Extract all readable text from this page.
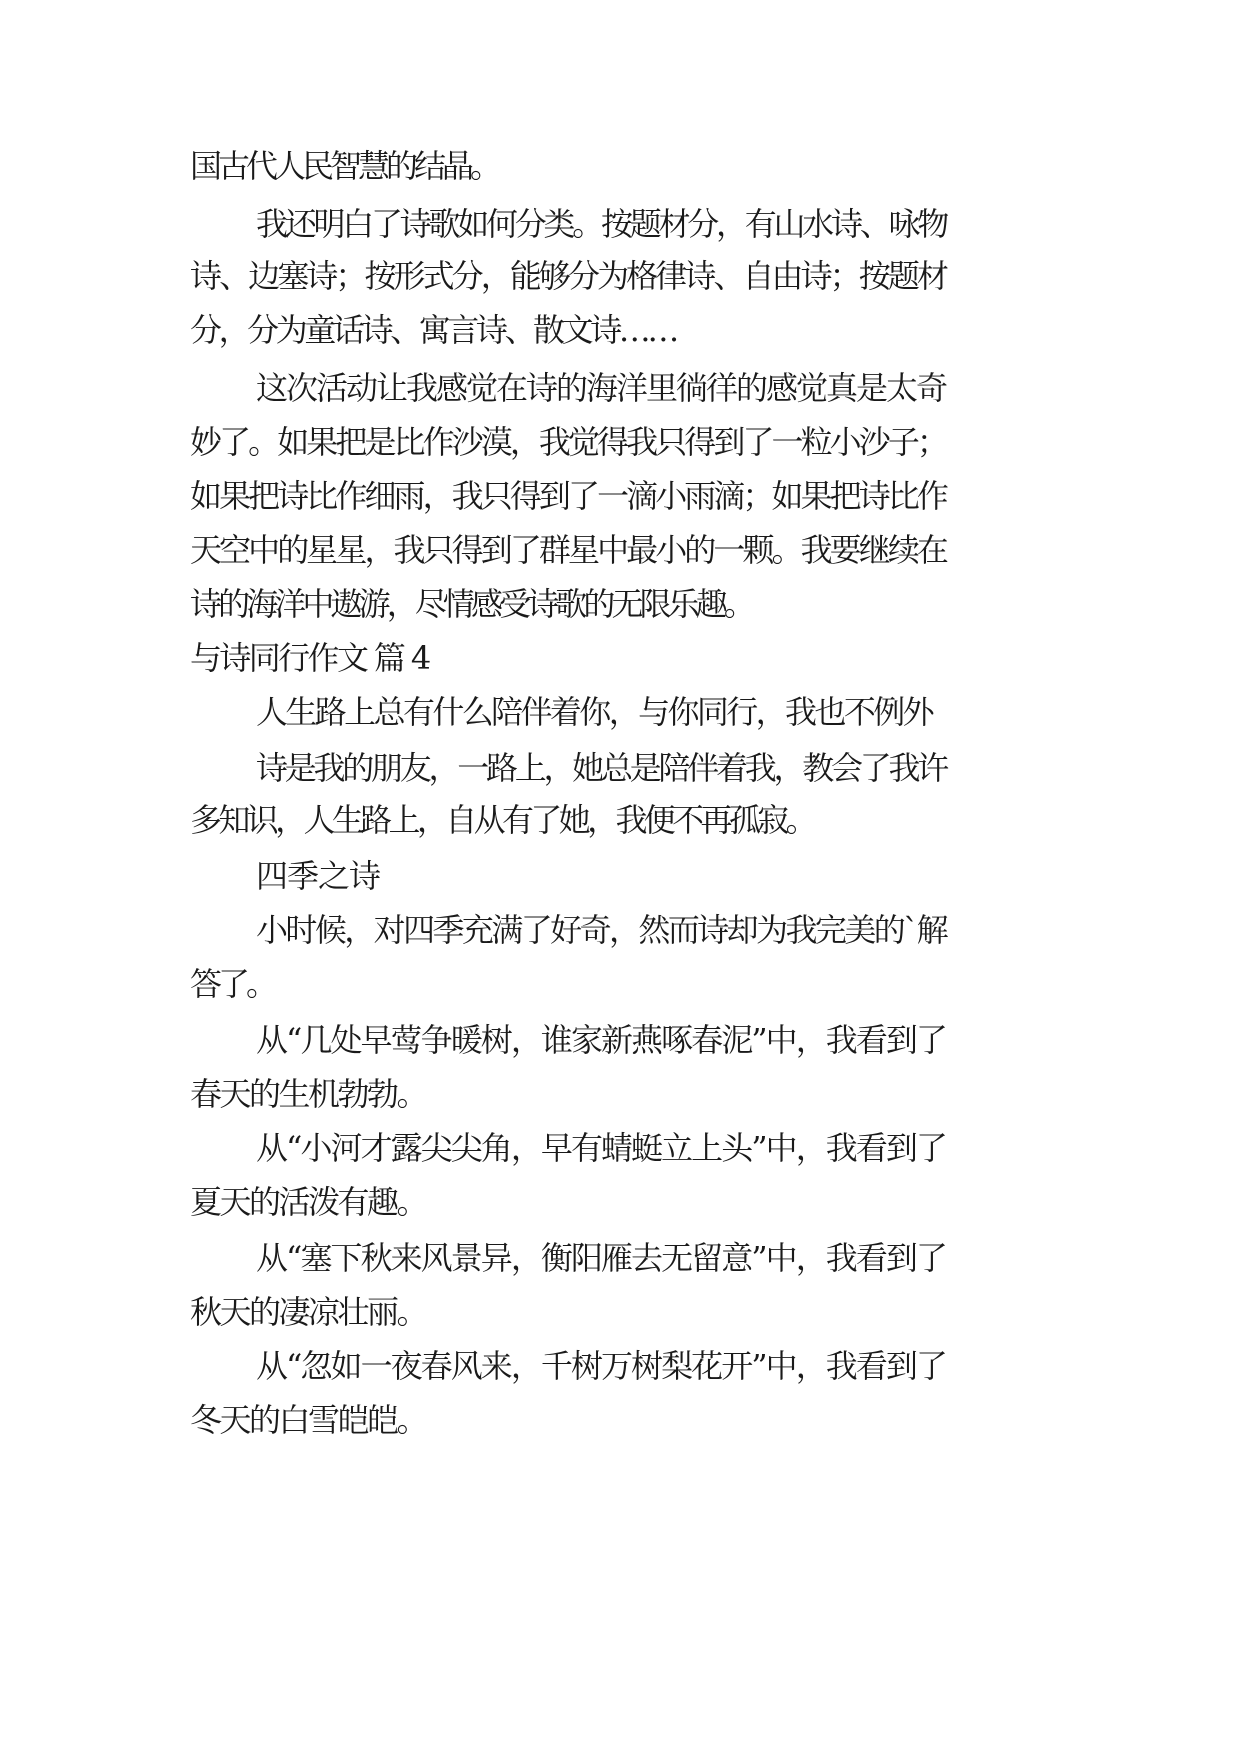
国古代人民智慧的结晶。

我还明白了诗歌如何分类。按题材分，有山水诗、咏物

诗、边塞诗；按形式分，能够分为格律诗、自由诗；按题材

分，分为童话诗、寓言诗、散文诗……

这次活动让我感觉在诗的海洋里徜徉的感觉真是太奇

妙了。如果把是比作沙漠，我觉得我只得到了一粒小沙子；

如果把诗比作细雨，我只得到了一滴小雨滴；如果把诗比作

天空中的星星，我只得到了群星中最小的一颗。我要继续在

诗的海洋中遨游，尽情感受诗歌的无限乐趣。

与诗同行作文 篇 4

人生路上总有什么陪伴着你，与你同行，我也不例外

诗是我的朋友，一路上，她总是陪伴着我，教会了我许

多知识，人生路上，自从有了她，我便不再孤寂。

四季之诗

小时候，对四季充满了好奇，然而诗却为我完美的`解

答了。

从“几处早莺争暖树，谁家新燕啄春泥”中，我看到了

春天的生机勃勃。

从“小河才露尖尖角，早有蜻蜓立上头”中，我看到了

夏天的活泼有趣。

从“塞下秋来风景异，衡阳雁去无留意”中，我看到了

秋天的凄凉壮丽。

从“忽如一夜春风来，千树万树梨花开”中，我看到了

冬天的白雪皑皑。
